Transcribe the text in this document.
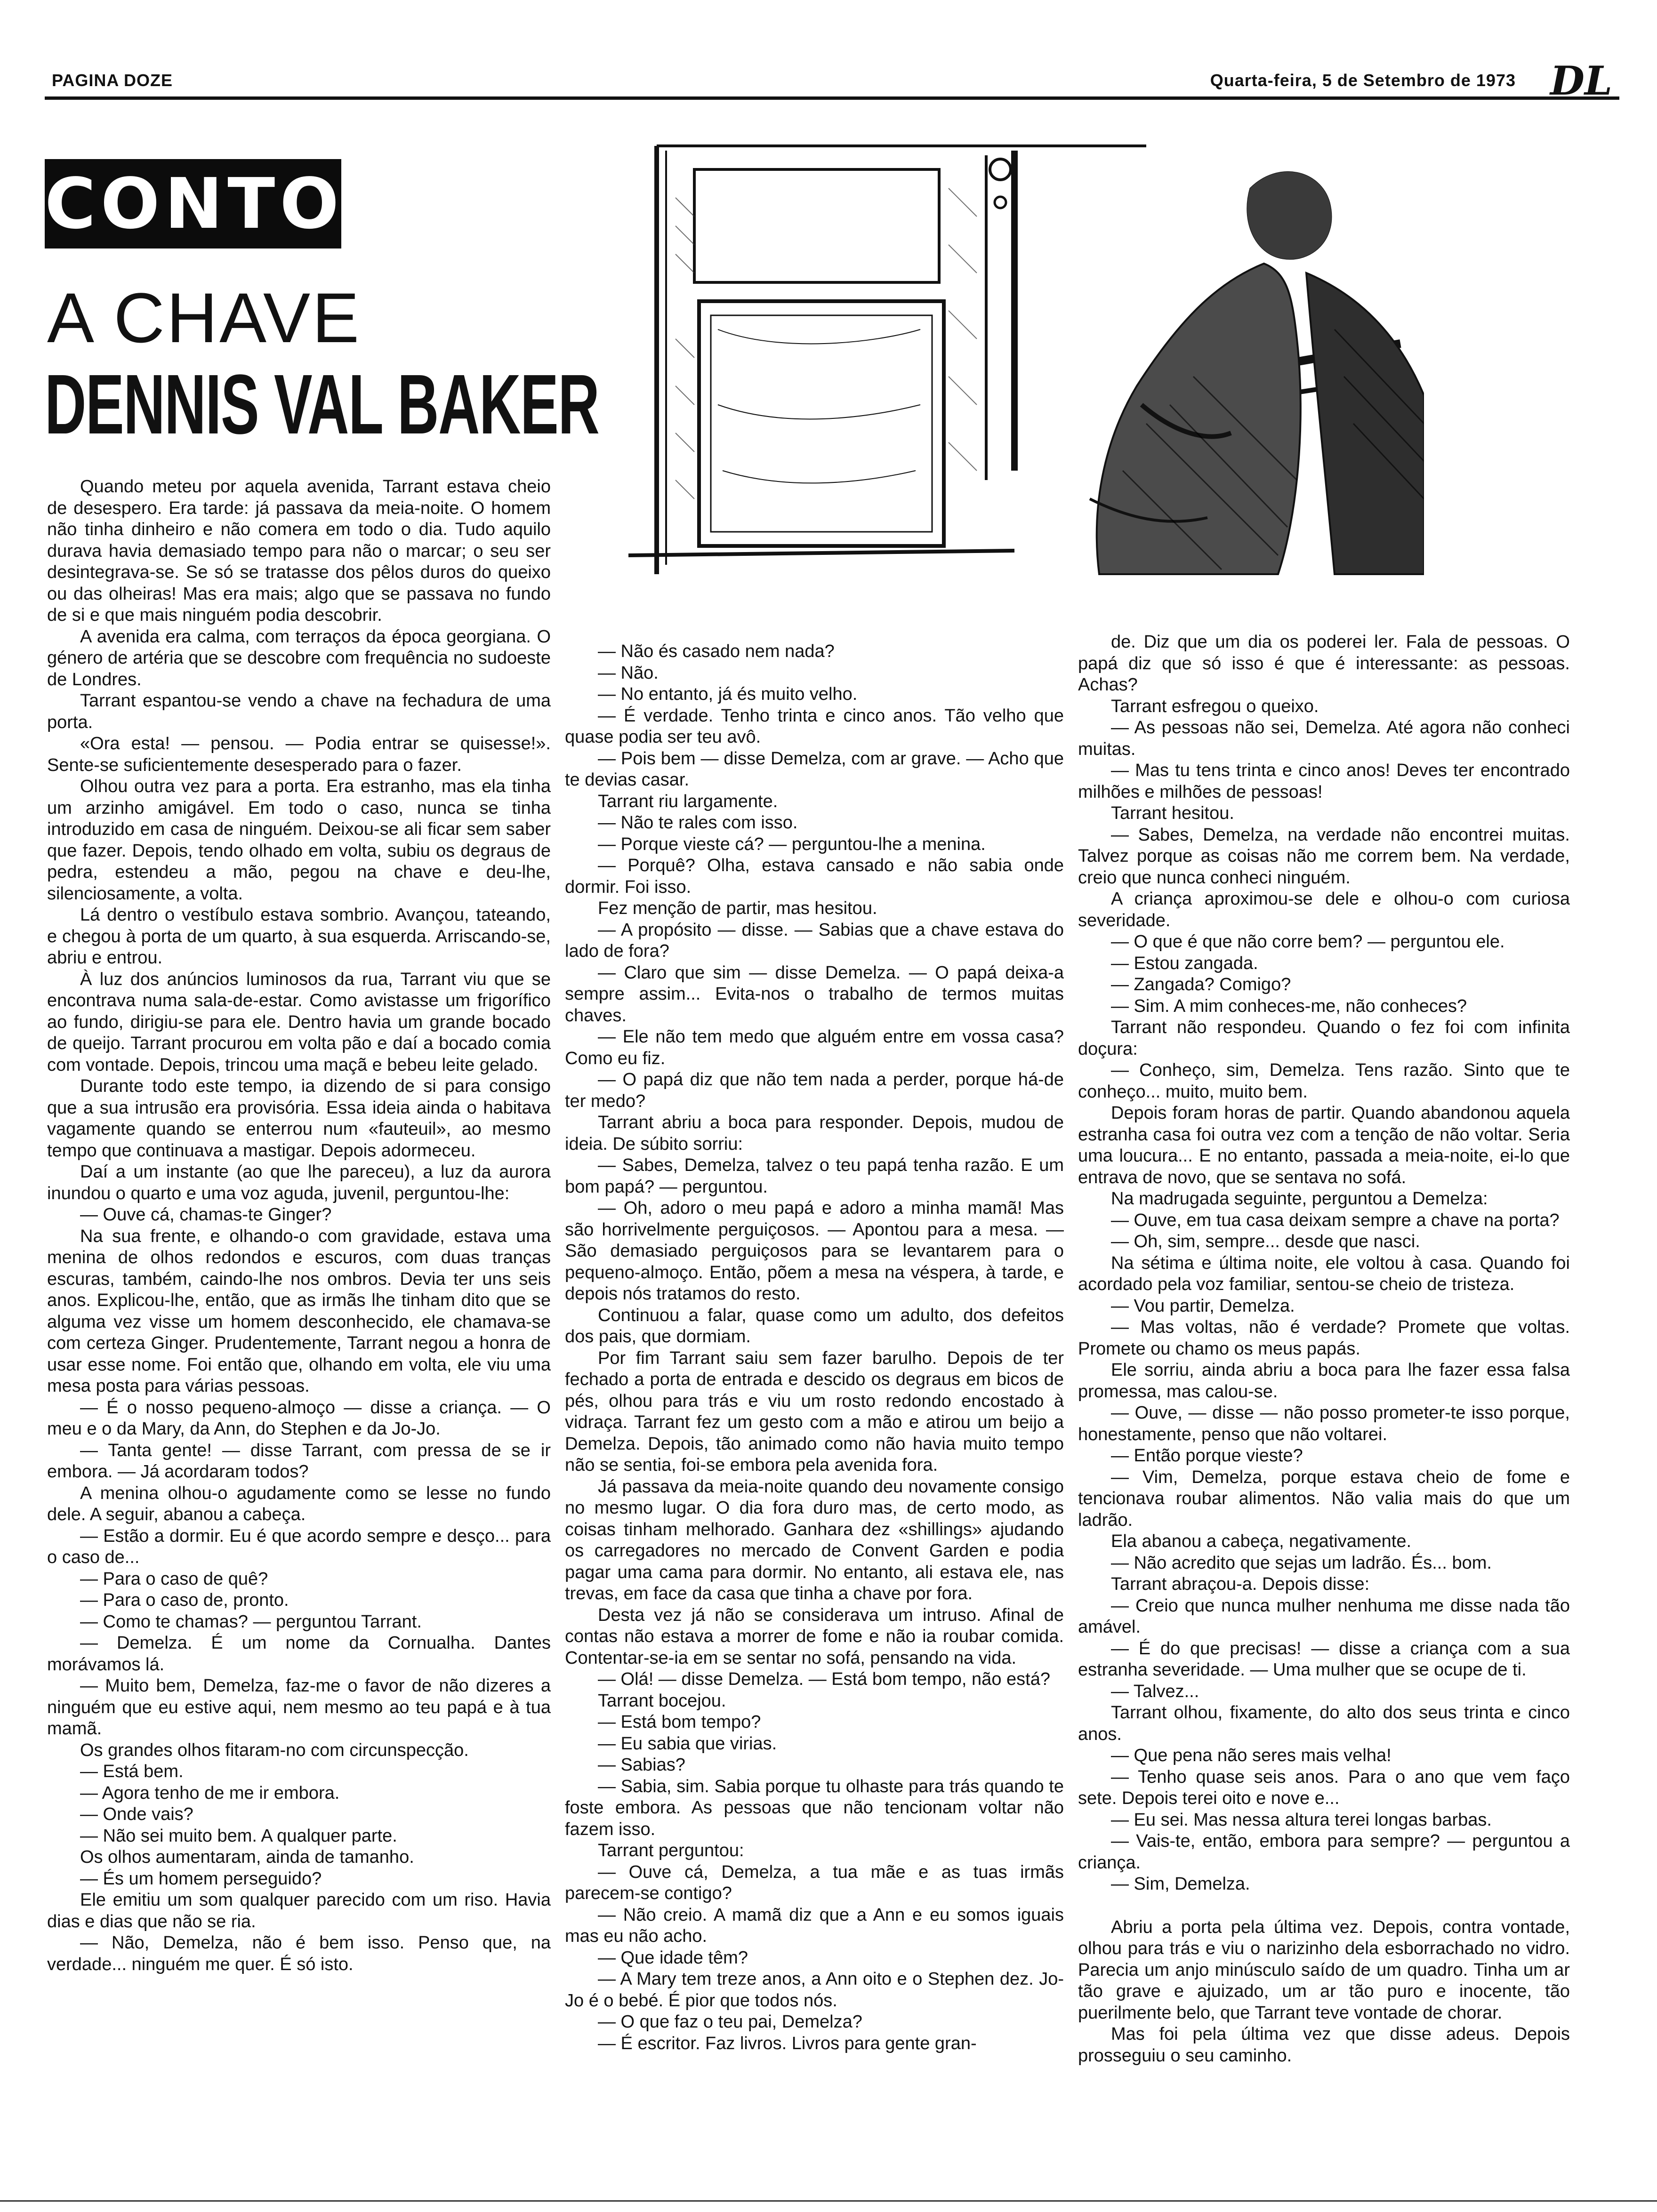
PAGINA DOZE	Quarta-feira, 5 de Setembro de 1973 DL
CONTO
A CHAVE
DENNIS VAL BAKER

Quando meteu por aquela avenida, Tarrant estava cheio de desespero. Era tarde: já passava da meia-noite. O homem não tinha dinheiro e não comera em todo o dia. Tudo aquilo durava havia demasiado tempo para não o marcar; o seu ser desintegrava-se. Se só se tratasse dos pêlos duros do queixo ou das olheiras! Mas era mais; algo que se passava no fundo de si e que mais ninguém podia descobrir.

A avenida era calma, com terraços da época georgiana. O género de artéria que se descobre com frequência no sudoeste de Londres.

Tarrant espantou-se vendo a chave na fechadura de uma porta.

«Ora esta! — pensou. — Podia entrar se quisesse!». Sente-se suficientemente desesperado para o fazer.

Olhou outra vez para a porta. Era estranho, mas ela tinha um arzinho amigável. Em todo o caso, nunca se tinha introduzido em casa de ninguém. Deixou-se ali ficar sem saber que fazer. Depois, tendo olhado em volta, subiu os degraus de pedra, estendeu a mão, pegou na chave e deu-lhe, silenciosamente, a volta.

Lá dentro o vestíbulo estava sombrio. Avançou, tateando, e chegou à porta de um quarto, à sua esquerda. Arriscando-se, abriu e entrou.

À luz dos anúncios luminosos da rua, Tarrant viu que se encontrava numa sala-de-estar. Como avistasse um frigorífico ao fundo, dirigiu-se para ele. Dentro havia um grande bocado de queijo. Tarrant procurou em volta pão e daí a bocado comia com vontade. Depois, trincou uma maçã e bebeu leite gelado.

Durante todo este tempo, ia dizendo de si para consigo que a sua intrusão era provisória. Essa ideia ainda o habitava vagamente quando se enterrou num «fauteuil», ao mesmo tempo que continuava a mastigar. Depois adormeceu.

Daí a um instante (ao que lhe pareceu), a luz da aurora inundou o quarto e uma voz aguda, juvenil, perguntou-lhe:

— Ouve cá, chamas-te Ginger?

Na sua frente, e olhando-o com gravidade, estava uma menina de olhos redondos e escuros, com duas tranças escuras, também, caindo-lhe nos ombros. Devia ter uns seis anos. Explicou-lhe, então, que as irmãs lhe tinham dito que se alguma vez visse um homem desconhecido, ele chamava-se com certeza Ginger. Prudentemente, Tarrant negou a honra de usar esse nome. Foi então que, olhando em volta, ele viu uma mesa posta para várias pessoas.

— É o nosso pequeno-almoço — disse a criança. — O meu e o da Mary, da Ann, do Stephen e da Jo-Jo.

— Tanta gente! — disse Tarrant, com pressa de se ir embora. — Já acordaram todos?

A menina olhou-o agudamente como se lesse no fundo dele. A seguir, abanou a cabeça.

— Estão a dormir. Eu é que acordo sempre e desço... para o caso de...

— Para o caso de quê?

— Para o caso de, pronto.

— Como te chamas? — perguntou Tarrant.

— Demelza. É um nome da Cornualha. Dantes morávamos lá.

— Muito bem, Demelza, faz-me o favor de não dizeres a ninguém que eu estive aqui, nem mesmo ao teu papá e à tua mamã.

Os grandes olhos fitaram-no com circunspecção.

— Está bem.

— Agora tenho de me ir embora.

— Onde vais?

— Não sei muito bem. A qualquer parte.

Os olhos aumentaram, ainda de tamanho.

— És um homem perseguido?

Ele emitiu um som qualquer parecido com um riso. Havia dias e dias que não se ria.

— Não, Demelza, não é bem isso. Penso que, na verdade... ninguém me quer. É só isto.

— Não és casado nem nada?

— Não.

— No entanto, já és muito velho.

— É verdade. Tenho trinta e cinco anos. Tão velho que quase podia ser teu avô.

— Pois bem — disse Demelza, com ar grave. — Acho que te devias casar.

Tarrant riu largamente.

— Não te rales com isso.

— Porque vieste cá? — perguntou-lhe a menina.

— Porquê? Olha, estava cansado e não sabia onde dormir. Foi isso.

Fez menção de partir, mas hesitou.

— A propósito — disse. — Sabias que a chave estava do lado de fora?

— Claro que sim — disse Demelza. — O papá deixa-a sempre assim... Evita-nos o trabalho de termos muitas chaves.

— Ele não tem medo que alguém entre em vossa casa? Como eu fiz.

— O papá diz que não tem nada a perder, porque há-de ter medo?

Tarrant abriu a boca para responder. Depois, mudou de ideia. De súbito sorriu:

— Sabes, Demelza, talvez o teu papá tenha razão. E um bom papá? — perguntou.

— Oh, adoro o meu papá e adoro a minha mamã! Mas são horrivelmente perguiçosos. — Apontou para a mesa. — São demasiado perguiçosos para se levantarem para o pequeno-almoço. Então, põem a mesa na véspera, à tarde, e depois nós tratamos do resto.

Continuou a falar, quase como um adulto, dos defeitos dos pais, que dormiam.

Por fim Tarrant saiu sem fazer barulho. Depois de ter fechado a porta de entrada e descido os degraus em bicos de pés, olhou para trás e viu um rosto redondo encostado à vidraça. Tarrant fez um gesto com a mão e atirou um beijo a Demelza. Depois, tão animado como não havia muito tempo não se sentia, foi-se embora pela avenida fora.

Já passava da meia-noite quando deu novamente consigo no mesmo lugar. O dia fora duro mas, de certo modo, as coisas tinham melhorado. Ganhara dez «shillings» ajudando os carregadores no mercado de Convent Garden e podia pagar uma cama para dormir. No entanto, ali estava ele, nas trevas, em face da casa que tinha a chave por fora.

Desta vez já não se considerava um intruso. Afinal de contas não estava a morrer de fome e não ia roubar comida. Contentar-se-ia em se sentar no sofá, pensando na vida.

— Olá! — disse Demelza. — Está bom tempo, não está?

Tarrant bocejou.

— Está bom tempo?

— Eu sabia que virias.

— Sabias?

— Sabia, sim. Sabia porque tu olhaste para trás quando te foste embora. As pessoas que não tencionam voltar não fazem isso.

Tarrant perguntou:

— Ouve cá, Demelza, a tua mãe e as tuas irmãs parecem-se contigo?

— Não creio. A mamã diz que a Ann e eu somos iguais mas eu não acho.

— Que idade têm?

— A Mary tem treze anos, a Ann oito e o Stephen dez. Jo-Jo é o bebé. É pior que todos nós.

— O que faz o teu pai, Demelza?

— É escritor. Faz livros. Livros para gente gran-

de. Diz que um dia os poderei ler. Fala de pessoas. O papá diz que só isso é que é interessante: as pessoas. Achas?

Tarrant esfregou o queixo.

— As pessoas não sei, Demelza. Até agora não conheci muitas.

— Mas tu tens trinta e cinco anos! Deves ter encontrado milhões e milhões de pessoas!

Tarrant hesitou.

— Sabes, Demelza, na verdade não encontrei muitas. Talvez porque as coisas não me correm bem. Na verdade, creio que nunca conheci ninguém.

A criança aproximou-se dele e olhou-o com curiosa severidade.

— O que é que não corre bem? — perguntou ele.

— Estou zangada.

— Zangada? Comigo?

— Sim. A mim conheces-me, não conheces?

Tarrant não respondeu. Quando o fez foi com infinita doçura:

— Conheço, sim, Demelza. Tens razão. Sinto que te conheço... muito, muito bem.

Depois foram horas de partir. Quando abandonou aquela estranha casa foi outra vez com a tenção de não voltar. Seria uma loucura... E no entanto, passada a meia-noite, ei-lo que entrava de novo, que se sentava no sofá.

Na madrugada seguinte, perguntou a Demelza:

— Ouve, em tua casa deixam sempre a chave na porta?

— Oh, sim, sempre... desde que nasci.

Na sétima e última noite, ele voltou à casa. Quando foi acordado pela voz familiar, sentou-se cheio de tristeza.

— Vou partir, Demelza.

— Mas voltas, não é verdade? Promete que voltas. Promete ou chamo os meus papás.

Ele sorriu, ainda abriu a boca para lhe fazer essa falsa promessa, mas calou-se.

— Ouve, — disse — não posso prometer-te isso porque, honestamente, penso que não voltarei.

— Então porque vieste?

— Vim, Demelza, porque estava cheio de fome e tencionava roubar alimentos. Não valia mais do que um ladrão.

Ela abanou a cabeça, negativamente.

— Não acredito que sejas um ladrão. És... bom.

Tarrant abraçou-a. Depois disse:

— Creio que nunca mulher nenhuma me disse nada tão amável.

— É do que precisas! — disse a criança com a sua estranha severidade. — Uma mulher que se ocupe de ti.

— Talvez...

Tarrant olhou, fixamente, do alto dos seus trinta e cinco anos.

— Que pena não seres mais velha!

— Tenho quase seis anos. Para o ano que vem faço sete. Depois terei oito e nove e...

— Eu sei. Mas nessa altura terei longas barbas.

— Vais-te, então, embora para sempre? — perguntou a criança.

— Sim, Demelza.

Abriu a porta pela última vez. Depois, contra vontade, olhou para trás e viu o narizinho dela esborrachado no vidro. Parecia um anjo minúsculo saído de um quadro. Tinha um ar tão grave e ajuizado, um ar tão puro e inocente, tão puerilmente belo, que Tarrant teve vontade de chorar.

Mas foi pela última vez que disse adeus. Depois prosseguiu o seu caminho.
